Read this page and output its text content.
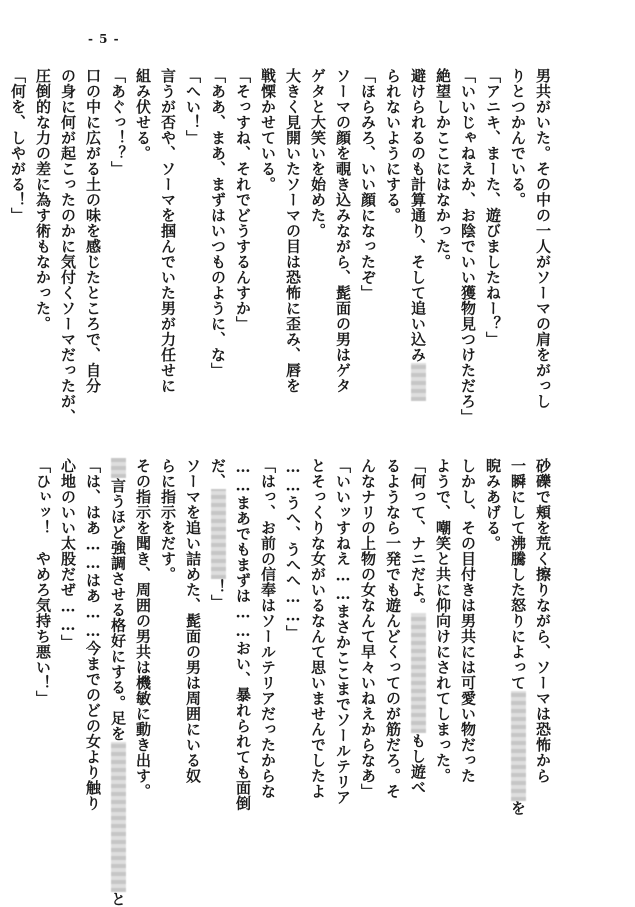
- 5 -
男共がいた。その中の一人がソーマの肩をがっし
りとつかんでいる。
「アニキ、まーた、遊びましたねー？」
「いいじゃねえか、お陰でいい獲物見つけただろ」
絶望しかここにはなかった。
避けられるのも計算通り、そして追い込み
られないようにする。
「ほらみろ、いい顔になったぞ」
ソーマの顔を覗き込みながら、髭面の男はゲタ
ゲタと大笑いを始めた。
大きく見開いたソーマの目は恐怖に歪み、唇を
戦慄かせている。
「そっすね、それでどうするんすか」
「ああ、まあ、まずはいつものように、な」
「へい！」
言うが否や、ソーマを掴んでいた男が力任せに
組み伏せる。
「あぐっ！？」
口の中に広がる土の味を感じたところで、自分
の身に何が起こったのかに気付くソーマだったが、
圧倒的な力の差に為す術もなかった。
「何を、しやがる！」
砂礫で頬を荒く擦りながら、ソーマは恐怖から
一瞬にして沸騰した怒りによってを
睨みあげる。
しかし、その目付きは男共には可愛い物だった
ようで、嘲笑と共に仰向けにされてしまった。
「何って、ナニだよ。もし遊べ
るようなら一発でも遊んどくってのが筋だろ。そ
んなナリの上物の女なんて早々いねえからなあ」
「いいッすねえ……まさかここまでソールテリア
とそっくりな女がいるなんて思いませんでしたよ
……うへ、うへへ……」
「はっ、お前の信奉はソールテリアだったからな
……まあでもまずは……おい、暴れられても面倒
だ、！」
ソーマを追い詰めた、髭面の男は周囲にいる奴
らに指示をだす。
その指示を聞き、周囲の男共は機敏に動き出す。
言うほど強調させる格好にする。足をと
「は、はあ……はあ……今までのどの女より触り
心地のいい太股だぜ……」
「ひぃッ！　やめろ気持ち悪い！」
